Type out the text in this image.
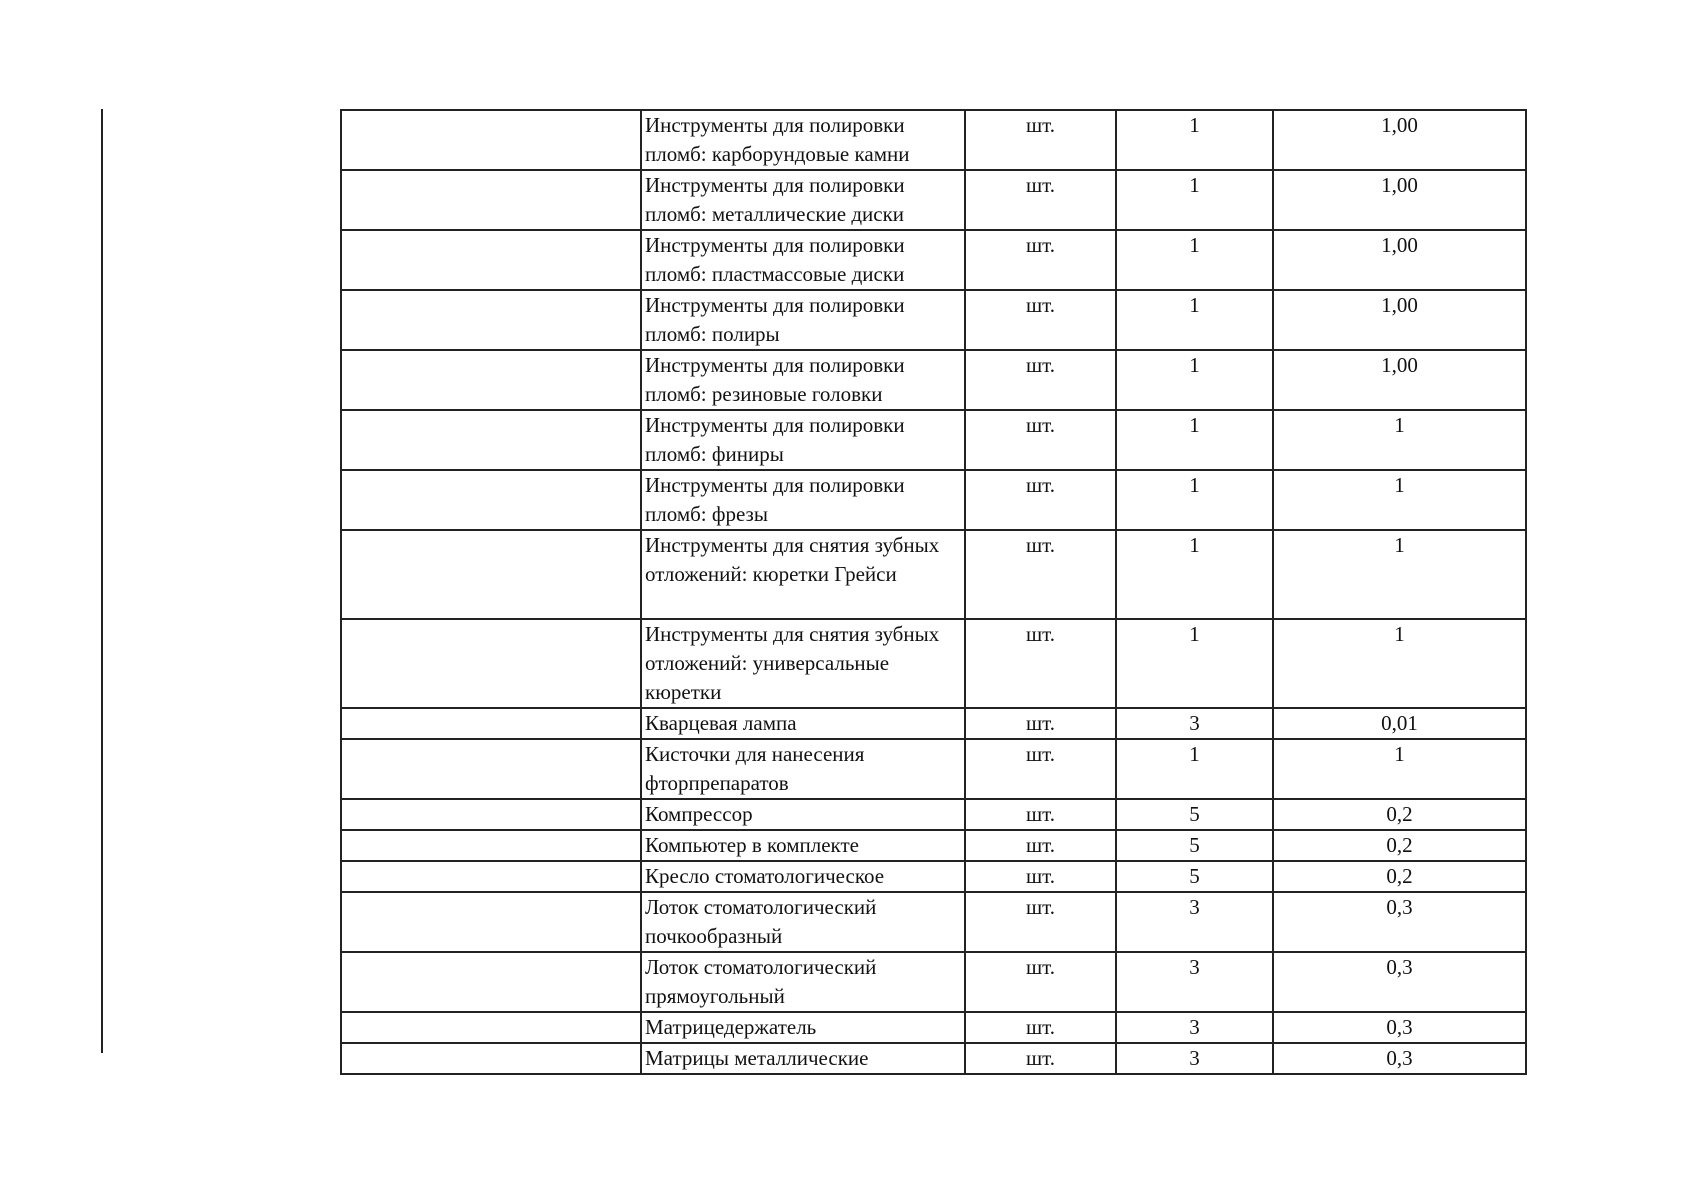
	Инструменты для полировки пломб: карборундовые камни	шт.	1	1,00
	Инструменты для полировки пломб: металлические диски	шт.	1	1,00
	Инструменты для полировки пломб: пластмассовые диски	шт.	1	1,00
	Инструменты для полировки пломб: полиры	шт.	1	1,00
	Инструменты для полировки пломб: резиновые головки	шт.	1	1,00
	Инструменты для полировки пломб: финиры	шт.	1	1
	Инструменты для полировки пломб: фрезы	шт.	1	1
	Инструменты для снятия зубных отложений: кюретки Грейси	шт.	1	1
	Инструменты для снятия зубных отложений: универсальные кюретки	шт.	1	1
	Кварцевая лампа	шт.	3	0,01
	Кисточки для нанесения фторпрепаратов	шт.	1	1
	Компрессор	шт.	5	0,2
	Компьютер в комплекте	шт.	5	0,2
	Кресло стоматологическое	шт.	5	0,2
	Лоток стоматологический почкообразный	шт.	3	0,3
	Лоток стоматологический прямоугольный	шт.	3	0,3
	Матрицедержатель	шт.	3	0,3
	Матрицы металлические	шт.	3	0,3
